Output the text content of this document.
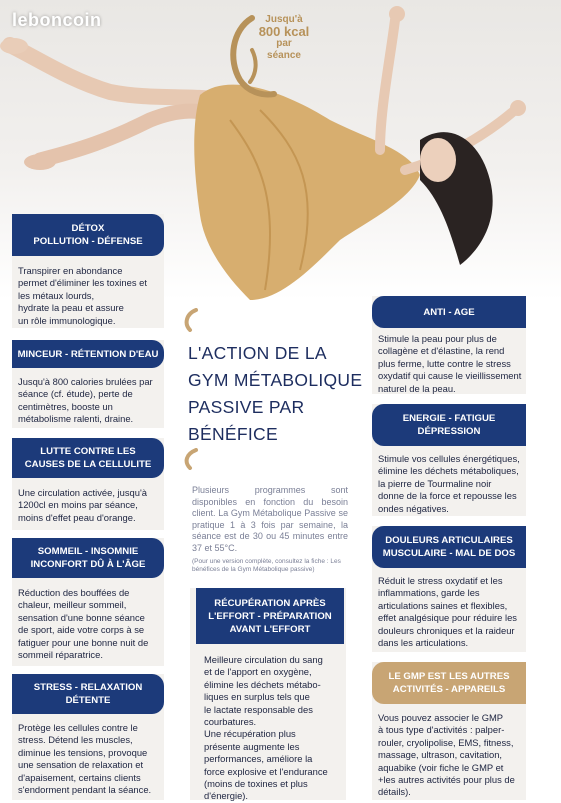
leboncoin	Jusqu'à
800 kcal
par
séance
DÉTOX
POLLUTION - DÉFENSE
Transpirer en abondance
permet d'éliminer les toxines et
les métaux lourds,
hydrate la peau et assure
un rôle immunologique.
MINCEUR - RÉTENTION D'EAU
Jusqu'à 800 calories brulées par
séance (cf. étude), perte de
centimètres, booste un
métabolisme ralenti, draine.
LUTTE CONTRE LES
CAUSES DE LA CELLULITE
Une circulation activée, jusqu'à
1200cl en moins par séance,
moins d'effet peau d'orange.
SOMMEIL - INSOMNIE
INCONFORT DÛ À L'ÂGE
Réduction des bouffées de
chaleur, meilleur sommeil,
sensation d'une bonne séance
de sport, aide votre corps à se
fatiguer pour une bonne nuit de
sommeil réparatrice.
STRESS - RELAXATION
DÉTENTE
Protège les cellules contre le
stress. Détend les muscles,
diminue les tensions, provoque
une sensation de relaxation et
d'apaisement, certains clients
s'endorment pendant la séance.
L'ACTION DE LA
GYM MÉTABOLIQUE
PASSIVE PAR
BÉNÉFICE
Plusieurs programmes sont disponibles en fonction du besoin client. La Gym Métabolique Passive se pratique 1 à 3 fois par semaine, la séance est de 30 ou 45 minutes entre 37 et 55°C.
(Pour une version complète, consultez la fiche : Les bénéfices de la Gym Métabolique passive)
RÉCUPÉRATION APRÈS
L'EFFORT - PRÉPARATION
AVANT L'EFFORT
Meilleure circulation du sang
et de l'apport en oxygène,
élimine les déchets métabo-
liques en surplus tels que
le lactate responsable des
courbatures.
Une récupération plus
présente augmente les
performances, améliore la
force explosive et l'endurance
(moins de toxines et plus
d'énergie).
ANTI - AGE
Stimule la peau pour plus de
collagène et d'élastine, la rend
plus ferme, lutte contre le stress
oxydatif qui cause le vieillissement
naturel de la peau.
ENERGIE - FATIGUE
DÉPRESSION
Stimule vos cellules énergétiques,
élimine les déchets métaboliques,
la pierre de Tourmaline noir
donne de la force et repousse les
ondes négatives.
DOULEURS ARTICULAIRES
MUSCULAIRE - MAL DE DOS
Réduit le stress oxydatif et les
inflammations, garde les
articulations saines et flexibles,
effet analgésique pour réduire les
douleurs chroniques et la raideur
dans les articulations.
LE GMP EST LES AUTRES
ACTIVITÉS - APPAREILS
Vous pouvez associer le GMP
à tous type d'activités : palper-
rouler, cryolipolise, EMS, fitness,
massage, ultrason, cavitation,
aquabike (voir fiche le GMP et
+les autres activités pour plus de
détails).
